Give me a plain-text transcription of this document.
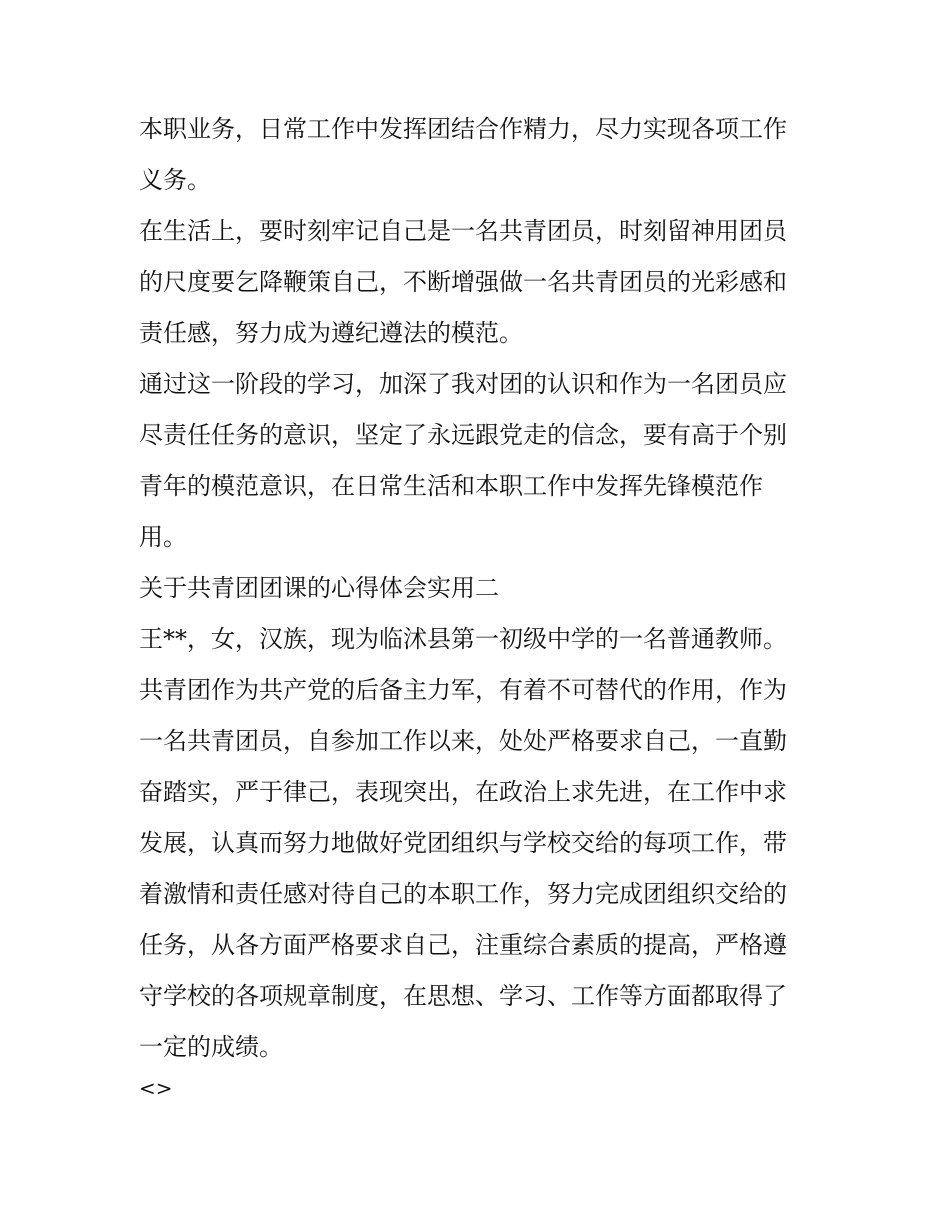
本职业务，日常工作中发挥团结合作精力，尽力实现各项工作

义务。

在生活上，要时刻牢记自己是一名共青团员，时刻留神用团员

的尺度要乞降鞭策自己，不断增强做一名共青团员的光彩感和

责任感，努力成为遵纪遵法的模范。

通过这一阶段的学习，加深了我对团的认识和作为一名团员应

尽责任任务的意识，坚定了永远跟党走的信念，要有高于个别

青年的模范意识，在日常生活和本职工作中发挥先锋模范作

用。

关于共青团团课的心得体会实用二

王**，女，汉族，现为临沭县第一初级中学的一名普通教师。

共青团作为共产党的后备主力军，有着不可替代的作用，作为

一名共青团员，自参加工作以来，处处严格要求自己，一直勤

奋踏实，严于律己，表现突出，在政治上求先进，在工作中求

发展，认真而努力地做好党团组织与学校交给的每项工作，带

着激情和责任感对待自己的本职工作，努力完成团组织交给的

任务，从各方面严格要求自己，注重综合素质的提高，严格遵

守学校的各项规章制度，在思想、学习、工作等方面都取得了

一定的成绩。

<>
